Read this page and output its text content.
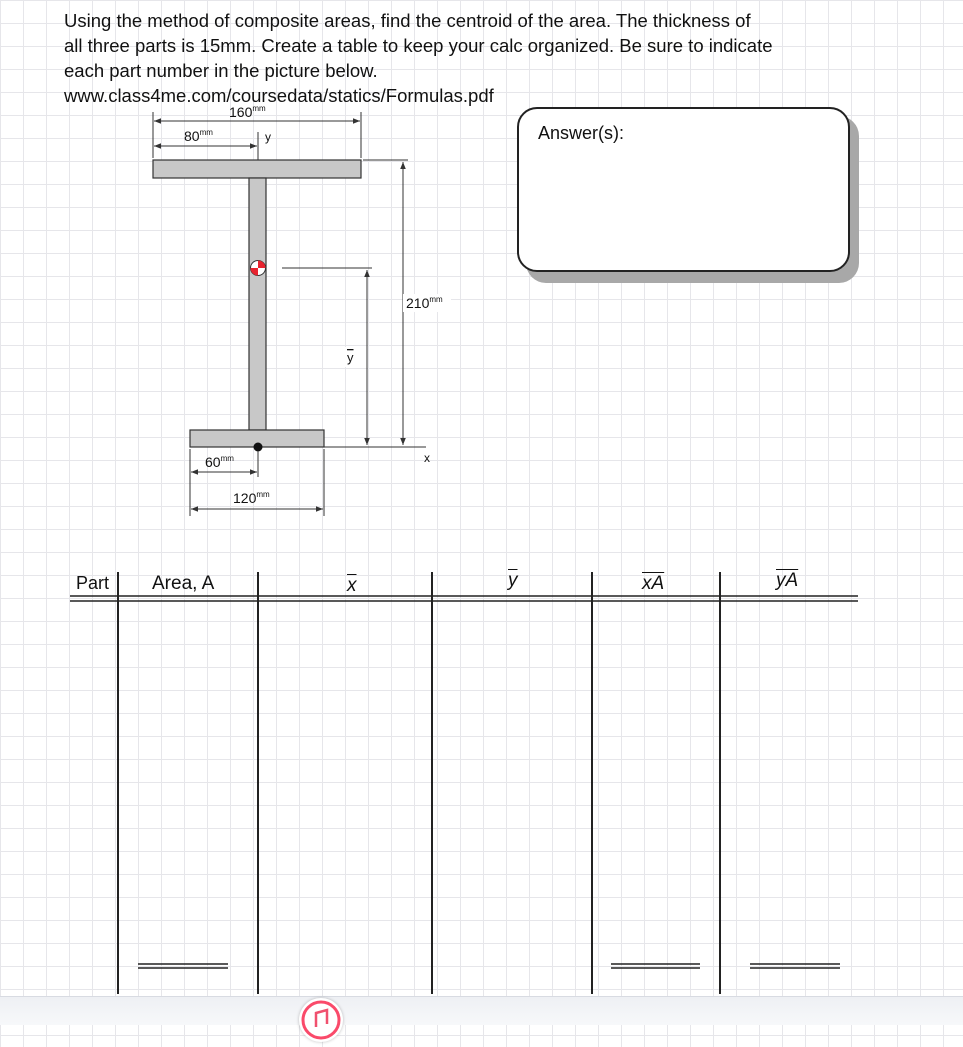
Using the method of composite areas, find the centroid of the area. The thickness of
all three parts is 15mm. Create a table to keep your calc organized. Be sure to indicate
each part number in the picture below.
www.class4me.com/coursedata/statics/Formulas.pdf
Answer(s):
$160^{mm}$
$80^{mm}$	y
$210^{mm}$
y
x
$60^{mm}$
$120^{mm}$
Part Area, A	$\overline{x}$	$\overline{y}$	$\overline{xA}$	$\overline{yA}$
